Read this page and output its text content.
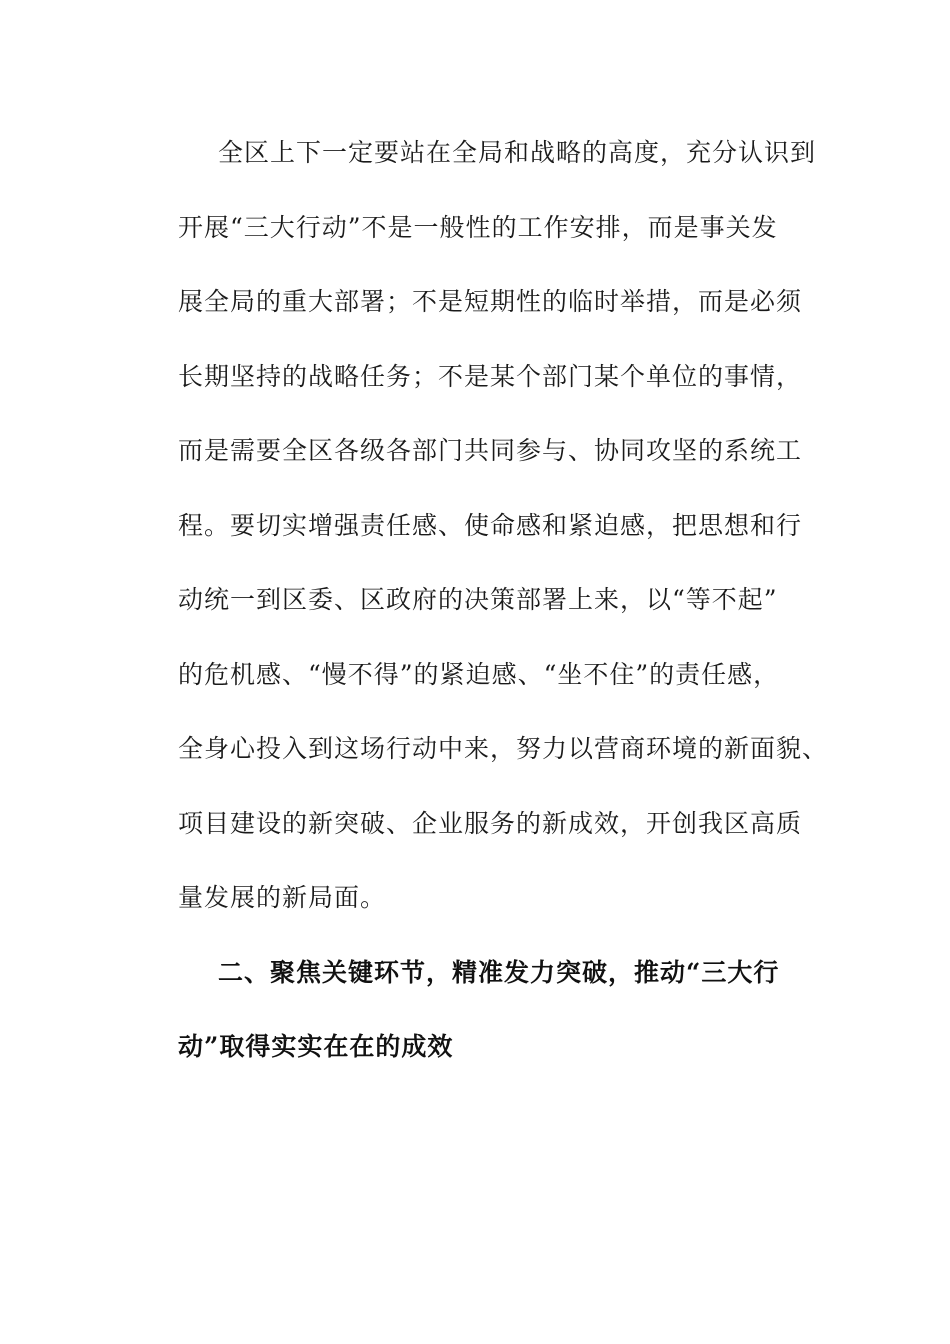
全区上下一定要站在全局和战略的高度，充分认识到
开展“三大行动”不是一般性的工作安排，而是事关发
展全局的重大部署；不是短期性的临时举措，而是必须
长期坚持的战略任务；不是某个部门某个单位的事情，
而是需要全区各级各部门共同参与、协同攻坚的系统工
程。要切实增强责任感、使命感和紧迫感，把思想和行
动统一到区委、区政府的决策部署上来，以“等不起”
的危机感、“慢不得”的紧迫感、“坐不住”的责任感，
全身心投入到这场行动中来，努力以营商环境的新面貌、
项目建设的新突破、企业服务的新成效，开创我区高质
量发展的新局面。
二、聚焦关键环节，精准发力突破，推动“三大行
动”取得实实在在的成效
